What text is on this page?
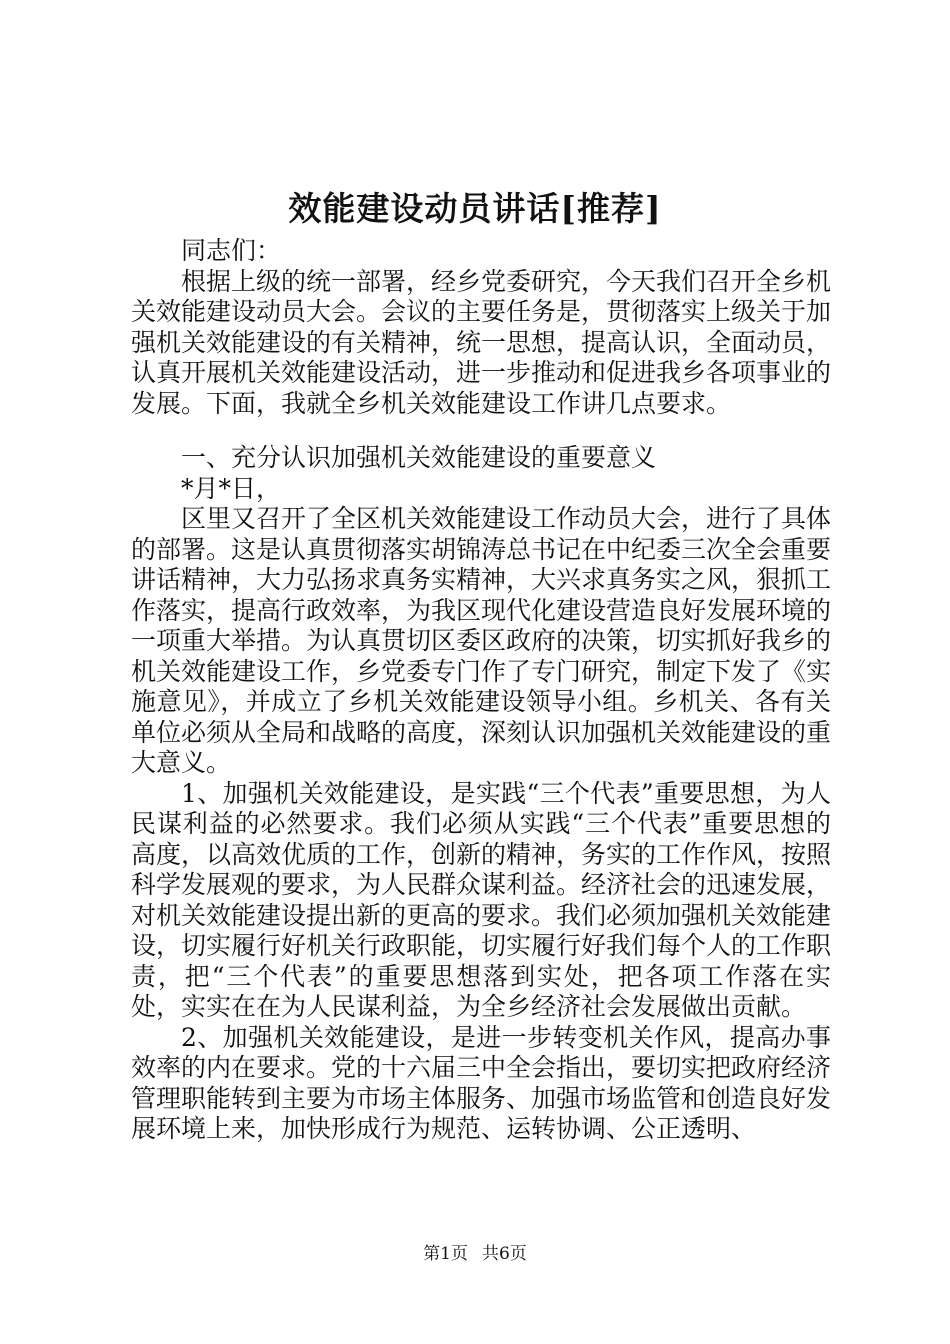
效能建设动员讲话[推荐]

同志们：

根据上级的统一部署，经乡党委研究，今天我们召开全乡机关效能建设动员大会。会议的主要任务是，贯彻落实上级关于加强机关效能建设的有关精神，统一思想，提高认识，全面动员，认真开展机关效能建设活动，进一步推动和促进我乡各项事业的发展。下面，我就全乡机关效能建设工作讲几点要求。

一、充分认识加强机关效能建设的重要意义

*月*日，

区里又召开了全区机关效能建设工作动员大会，进行了具体的部署。这是认真贯彻落实胡锦涛总书记在中纪委三次全会重要讲话精神，大力弘扬求真务实精神，大兴求真务实之风，狠抓工作落实，提高行政效率，为我区现代化建设营造良好发展环境的一项重大举措。为认真贯切区委区政府的决策，切实抓好我乡的机关效能建设工作，乡党委专门作了专门研究，制定下发了《实施意见》，并成立了乡机关效能建设领导小组。乡机关、各有关单位必须从全局和战略的高度，深刻认识加强机关效能建设的重大意义。

1、加强机关效能建设，是实践“三个代表”重要思想，为人民谋利益的必然要求。我们必须从实践“三个代表”重要思想的高度，以高效优质的工作，创新的精神，务实的工作作风，按照科学发展观的要求，为人民群众谋利益。经济社会的迅速发展，对机关效能建设提出新的更高的要求。我们必须加强机关效能建设，切实履行好机关行政职能，切实履行好我们每个人的工作职责，把“三个代表”的重要思想落到实处，把各项工作落在实处，实实在在为人民谋利益，为全乡经济社会发展做出贡献。

2、加强机关效能建设，是进一步转变机关作风，提高办事效率的内在要求。党的十六届三中全会指出，要切实把政府经济管理职能转到主要为市场主体服务、加强市场监管和创造良好发展环境上来，加快形成行为规范、运转协调、公正透明、

第1页 共6页
